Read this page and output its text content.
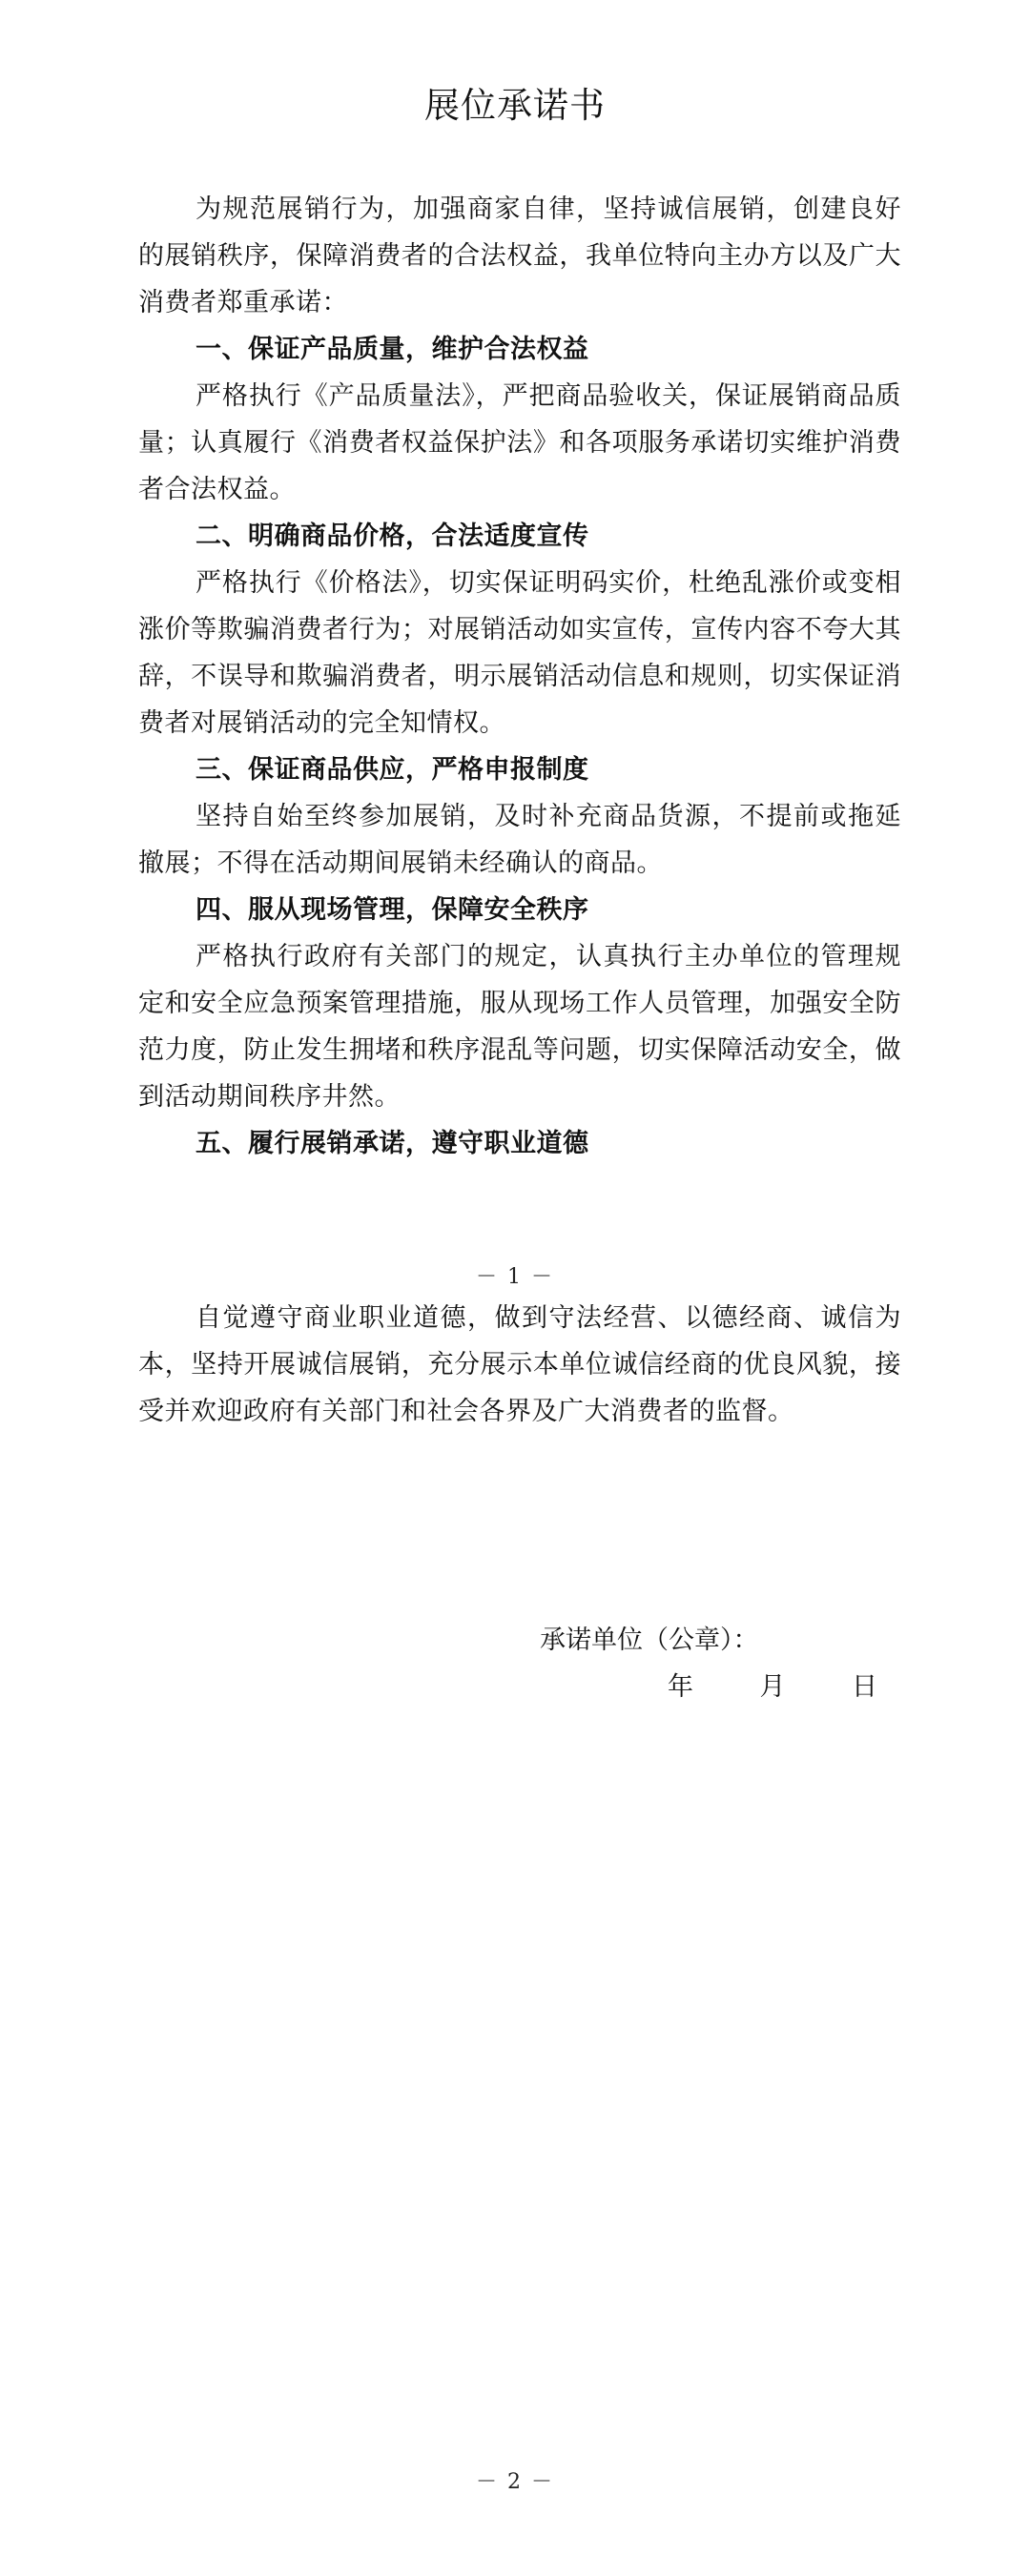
展位承诺书

为规范展销行为，加强商家自律，坚持诚信展销，创建良好的展销秩序，保障消费者的合法权益，我单位特向主办方以及广大消费者郑重承诺：

一、保证产品质量，维护合法权益

严格执行《产品质量法》，严把商品验收关，保证展销商品质量；认真履行《消费者权益保护法》和各项服务承诺切实维护消费者合法权益。

二、明确商品价格，合法适度宣传

严格执行《价格法》，切实保证明码实价，杜绝乱涨价或变相涨价等欺骗消费者行为；对展销活动如实宣传，宣传内容不夸大其辞，不误导和欺骗消费者，明示展销活动信息和规则，切实保证消费者对展销活动的完全知情权。

三、保证商品供应，严格申报制度

坚持自始至终参加展销，及时补充商品货源，不提前或拖延撤展；不得在活动期间展销未经确认的商品。

四、服从现场管理，保障安全秩序

严格执行政府有关部门的规定，认真执行主办单位的管理规定和安全应急预案管理措施，服从现场工作人员管理，加强安全防范力度，防止发生拥堵和秩序混乱等问题，切实保障活动安全，做到活动期间秩序井然。

五、履行展销承诺，遵守职业道德

－ 1 －

自觉遵守商业职业道德，做到守法经营、以德经商、诚信为本，坚持开展诚信展销，充分展示本单位诚信经商的优良风貌，接受并欢迎政府有关部门和社会各界及广大消费者的监督。

承诺单位（公章）：

年	月	日
－ 2 －
